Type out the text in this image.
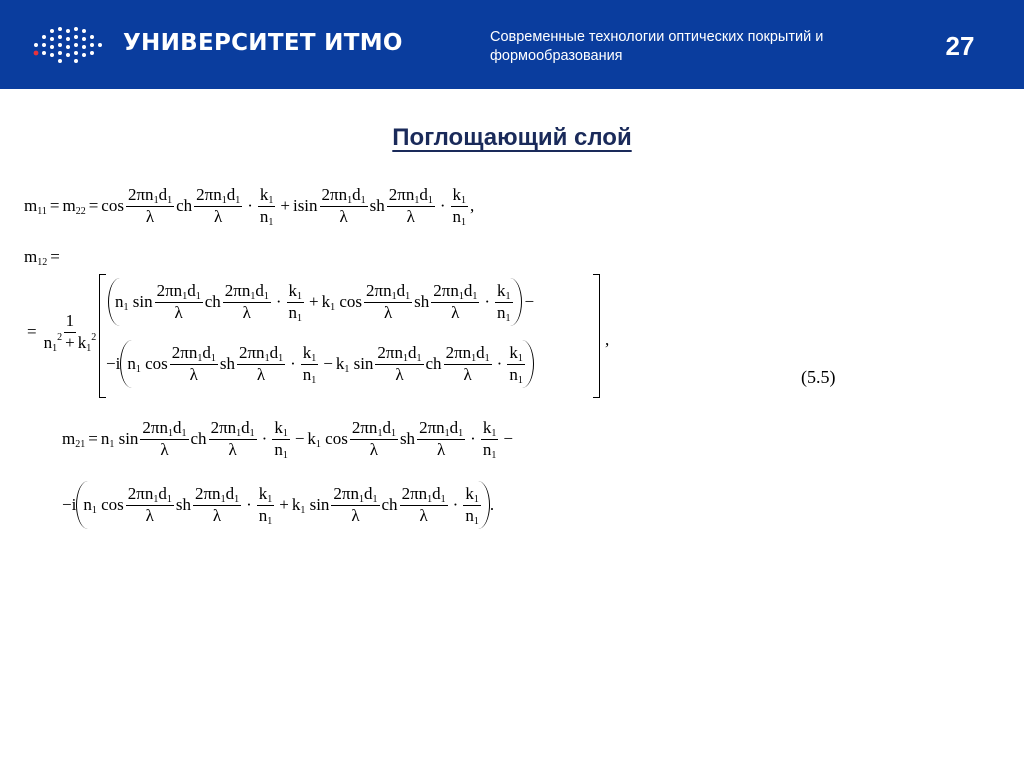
УНИВЕРСИТЕТ ИТМО	Современные технологии оптических покрытий и формообразования	27
Поглощающий слой
$m_{11} = m_{22} = \cos$
$2\pi n_1d_1$
λ
ch
$2\pi n_1d_1$
λ
·
$k_1$
$n_1$
+ isin
$2\pi n_1d_1$
λ
sh
$2\pi n_1d_1$
λ
·
$k_1$
$n_1$
,
$m_{12}$ =
= $\frac{1}{n_1^2 + k_1^2}$	,
$n_1$
sin
$2\pi n_1d_1$
λ
ch
$2\pi n_1d_1$
λ
·
$k_1$
$n_1$
+ $k_1$
cos
$2\pi n_1d_1$
λ
sh
$2\pi n_1d_1$
λ
·
$k_1$
$n_1$
−
− i $n_1$
cos
$2\pi n_1d_1$
λ
sh
$2\pi n_1d_1$
λ
·
$k_1$
$n_1$
− $k_1$
sin
$2\pi n_1d_1$
λ
ch
$2\pi n_1d_1$
λ
·
$k_1$
$n_1$	(5.5)
$m_{21} = n_1$
sin
$2\pi n_1d_1$
λ
ch
$2\pi n_1d_1$
λ
·
$k_1$
$n_1$
− $k_1$
cos
$2\pi n_1d_1$
λ
sh
$2\pi n_1d_1$
λ
·
$k_1$
$n_1$
−
− i $n_1$
cos
$2\pi n_1d_1$
λ
sh
$2\pi n_1d_1$
λ
·
$k_1$
$n_1$
+ $k_1$
sin
$2\pi n_1d_1$
λ
ch
$2\pi n_1d_1$
λ
·
$k_1$
$n_1$
.
